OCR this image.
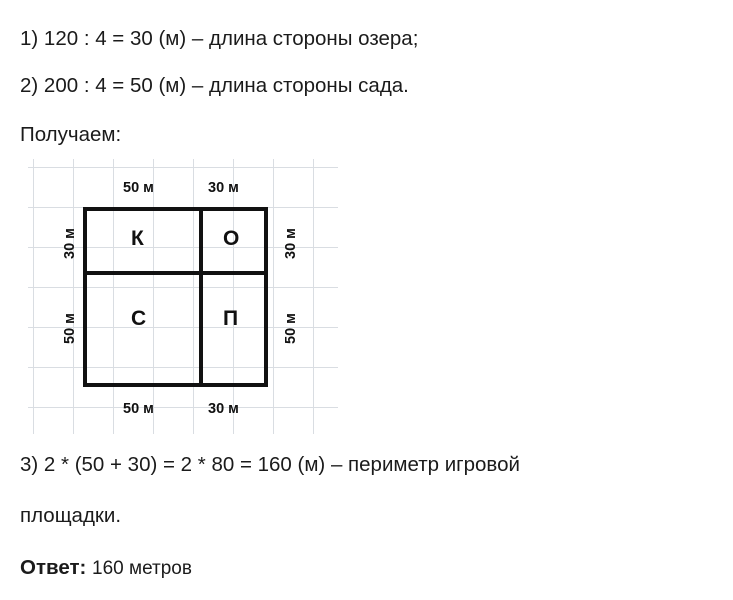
1) 120 : 4 = 30 (м) – длина стороны озера;
2) 200 : 4 = 50 (м) – длина стороны сада.
Получаем:
50 м	30 м
50 м	30 м
30 м
50 м
30 м
50 м
К	О
С	П
3) 2 * (50 + 30) = 2 * 80 = 160 (м) – периметр игровой
площадки.
Ответ: 160 метров
